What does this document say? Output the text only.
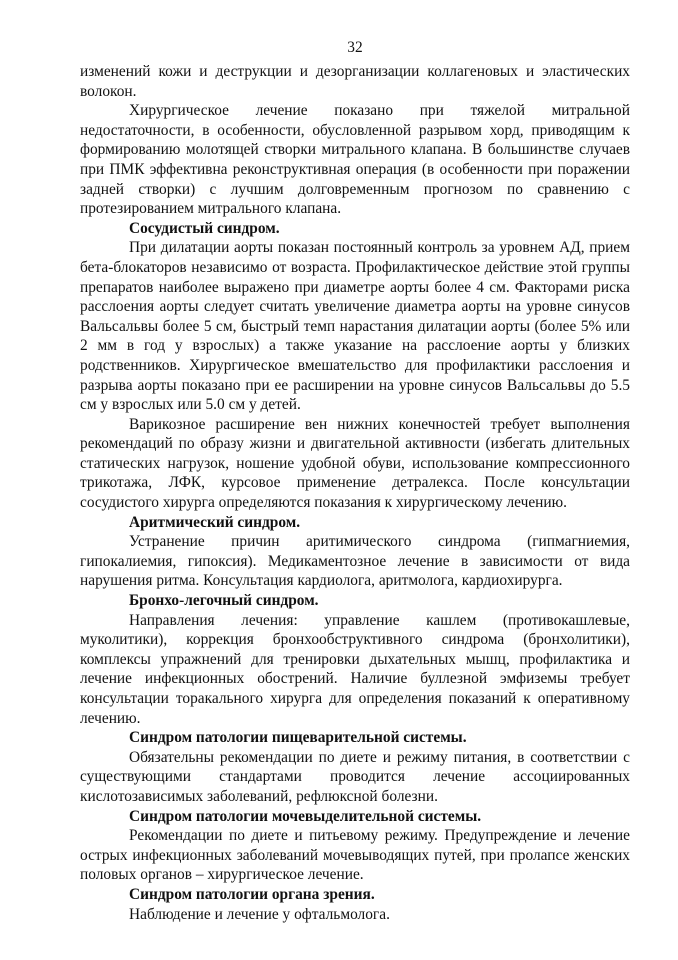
32

изменений кожи и деструкции и дезорганизации коллагеновых и эластических волокон.

Хирургическое лечение показано при тяжелой митральной недостаточности, в особенности, обусловленной разрывом хорд, приводящим к формированию молотящей створки митрального клапана. В большинстве случаев при ПМК эффективна реконструктивная операция (в особенности при поражении задней створки) с лучшим долговременным прогнозом по сравнению с протезированием митрального клапана.

Сосудистый синдром.

При дилатации аорты показан постоянный контроль за уровнем АД, прием бета-блокаторов независимо от возраста. Профилактическое действие этой группы препаратов наиболее выражено при диаметре аорты более 4 см. Факторами риска расслоения аорты следует считать увеличение диаметра аорты на уровне синусов Вальсальвы более 5 см, быстрый темп нарастания дилатации аорты (более 5% или 2 мм в год у взрослых) а также указание на расслоение аорты у близких родственников. Хирургическое вмешательство для профилактики расслоения и разрыва аорты показано при ее расширении на уровне синусов Вальсальвы до 5.5 см у взрослых или 5.0 см у детей.

Варикозное расширение вен нижних конечностей требует выполнения рекомендаций по образу жизни и двигательной активности (избегать длительных статических нагрузок, ношение удобной обуви, использование компрессионного трикотажа, ЛФК, курсовое применение детралекса. После консультации сосудистого хирурга определяются показания к хирургическому лечению.

Аритмический синдром.

Устранение причин аритимического синдрома (гипмагниемия, гипокалиемия, гипоксия). Медикаментозное лечение в зависимости от вида нарушения ритма. Консультация кардиолога, аритмолога, кардиохирурга.

Бронхо-легочный синдром.

Направления лечения: управление кашлем (противокашлевые, муколитики), коррекция бронхообструктивного синдрома (бронхолитики), комплексы упражнений для тренировки дыхательных мышц, профилактика и лечение инфекционных обострений. Наличие буллезной эмфиземы требует консультации торакального хирурга для определения показаний к оперативному лечению.

Синдром патологии пищеварительной системы.

Обязательны рекомендации по диете и режиму питания, в соответствии с существующими стандартами проводится лечение ассоциированных кислотозависимых заболеваний, рефлюксной болезни.

Синдром патологии мочевыделительной системы.

Рекомендации по диете и питьевому режиму. Предупреждение и лечение острых инфекционных заболеваний мочевыводящих путей, при пролапсе женских половых органов – хирургическое лечение.

Синдром патологии органа зрения.

Наблюдение и лечение у офтальмолога.
